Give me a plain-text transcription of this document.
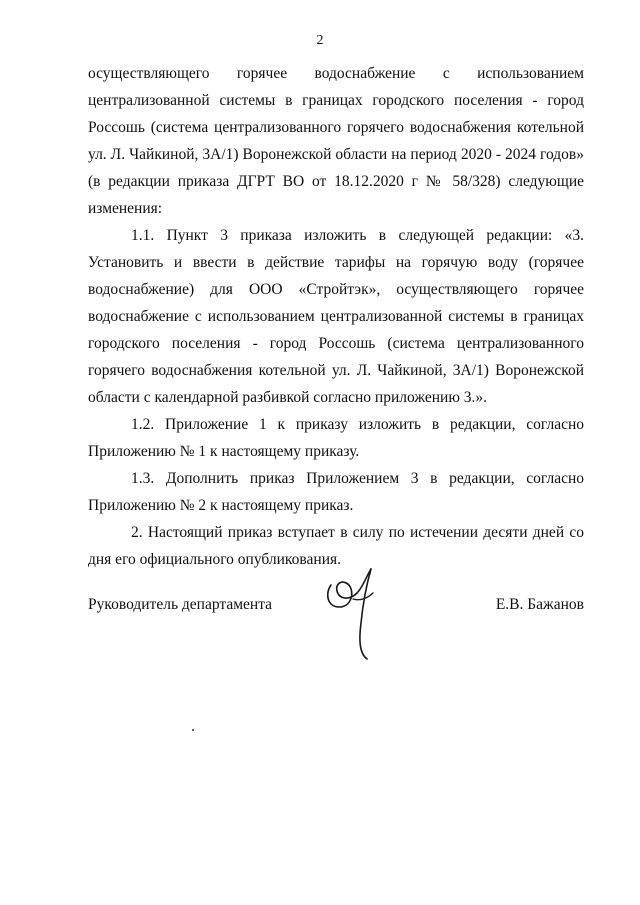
2

осуществляющего горячее водоснабжение с использованием централизованной системы в границах городского поселения - город Россошь (система централизованного горячего водоснабжения котельной ул. Л. Чайкиной, 3А/1) Воронежской области на период 2020 - 2024 годов» (в редакции приказа ДГРТ ВО от 18.12.2020 г № 58/328) следующие изменения:

1.1. Пункт 3 приказа изложить в следующей редакции: «3. Установить и ввести в действие тарифы на горячую воду (горячее водоснабжение) для ООО «Стройтэк», осуществляющего горячее водоснабжение с использованием централизованной системы в границах городского поселения - город Россошь (система централизованного горячего водоснабжения котельной ул. Л. Чайкиной, 3А/1) Воронежской области с календарной разбивкой согласно приложению 3.».

1.2. Приложение 1 к приказу изложить в редакции, согласно Приложению № 1 к настоящему приказу.

1.3. Дополнить приказ Приложением 3 в редакции, согласно Приложению № 2 к настоящему приказ.

2. Настоящий приказ вступает в силу по истечении десяти дней со дня его официального опубликования.

Руководитель департамента	Е.В. Бажанов
